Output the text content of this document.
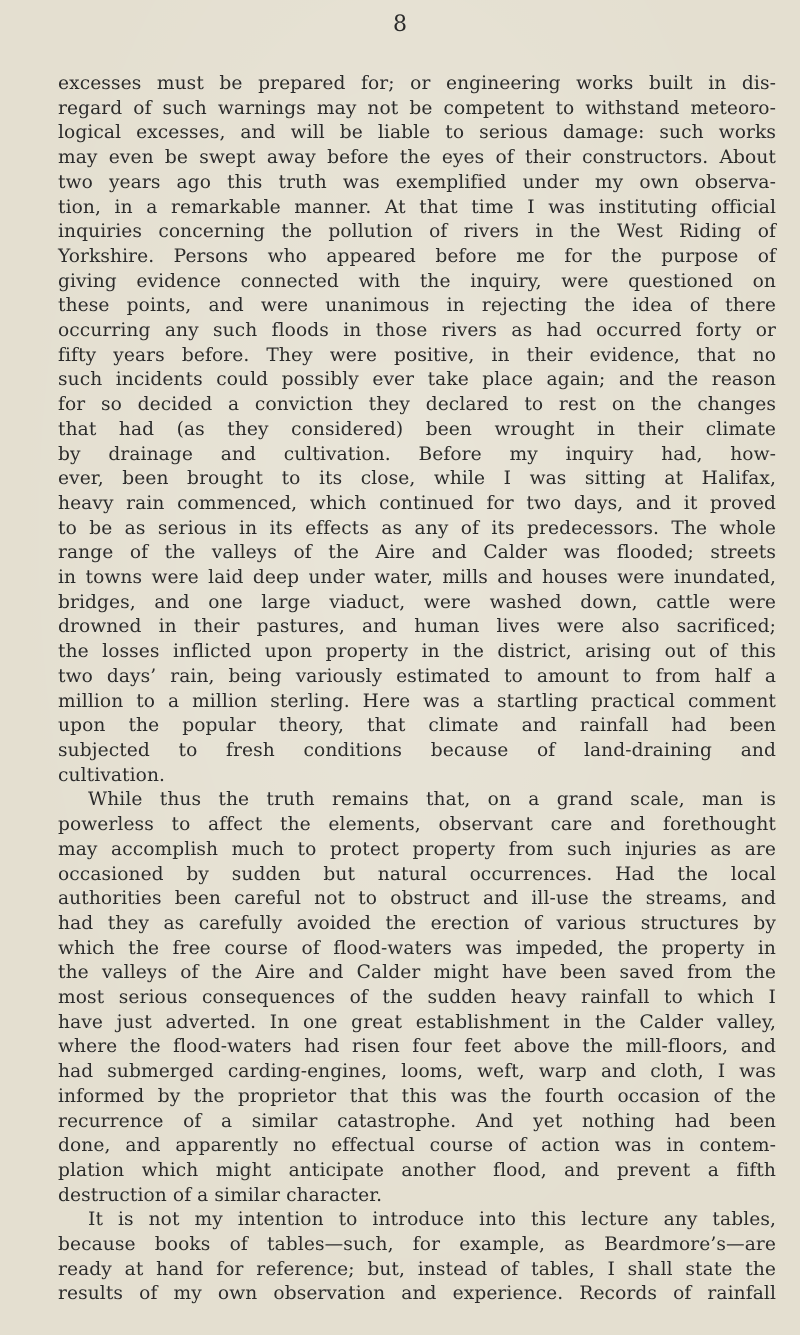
8
excesses must be prepared for; or engineering works built in dis-
regard of such warnings may not be competent to withstand meteoro-
logical excesses, and will be liable to serious damage: such works
may even be swept away before the eyes of their constructors. About
two years ago this truth was exemplified under my own observa-
tion, in a remarkable manner. At that time I was instituting official
inquiries concerning the pollution of rivers in the West Riding of
Yorkshire. Persons who appeared before me for the purpose of
giving evidence connected with the inquiry, were questioned on
these points, and were unanimous in rejecting the idea of there
occurring any such floods in those rivers as had occurred forty or
fifty years before. They were positive, in their evidence, that no
such incidents could possibly ever take place again; and the reason
for so decided a conviction they declared to rest on the changes
that had (as they considered) been wrought in their climate
by drainage and cultivation. Before my inquiry had, how-
ever, been brought to its close, while I was sitting at Halifax,
heavy rain commenced, which continued for two days, and it proved
to be as serious in its effects as any of its predecessors. The whole
range of the valleys of the Aire and Calder was flooded; streets
in towns were laid deep under water, mills and houses were inundated,
bridges, and one large viaduct, were washed down, cattle were
drowned in their pastures, and human lives were also sacrificed;
the losses inflicted upon property in the district, arising out of this
two days’ rain, being variously estimated to amount to from half a
million to a million sterling. Here was a startling practical comment
upon the popular theory, that climate and rainfall had been
subjected to fresh conditions because of land-draining and
cultivation.
While thus the truth remains that, on a grand scale, man is
powerless to affect the elements, observant care and forethought
may accomplish much to protect property from such injuries as are
occasioned by sudden but natural occurrences. Had the local
authorities been careful not to obstruct and ill-use the streams, and
had they as carefully avoided the erection of various structures by
which the free course of flood-waters was impeded, the property in
the valleys of the Aire and Calder might have been saved from the
most serious consequences of the sudden heavy rainfall to which I
have just adverted. In one great establishment in the Calder valley,
where the flood-waters had risen four feet above the mill-floors, and
had submerged carding-engines, looms, weft, warp and cloth, I was
informed by the proprietor that this was the fourth occasion of the
recurrence of a similar catastrophe. And yet nothing had been
done, and apparently no effectual course of action was in contem-
plation which might anticipate another flood, and prevent a fifth
destruction of a similar character.
It is not my intention to introduce into this lecture any tables,
because books of tables—such, for example, as Beardmore’s—are
ready at hand for reference; but, instead of tables, I shall state the
results of my own observation and experience. Records of rainfall
